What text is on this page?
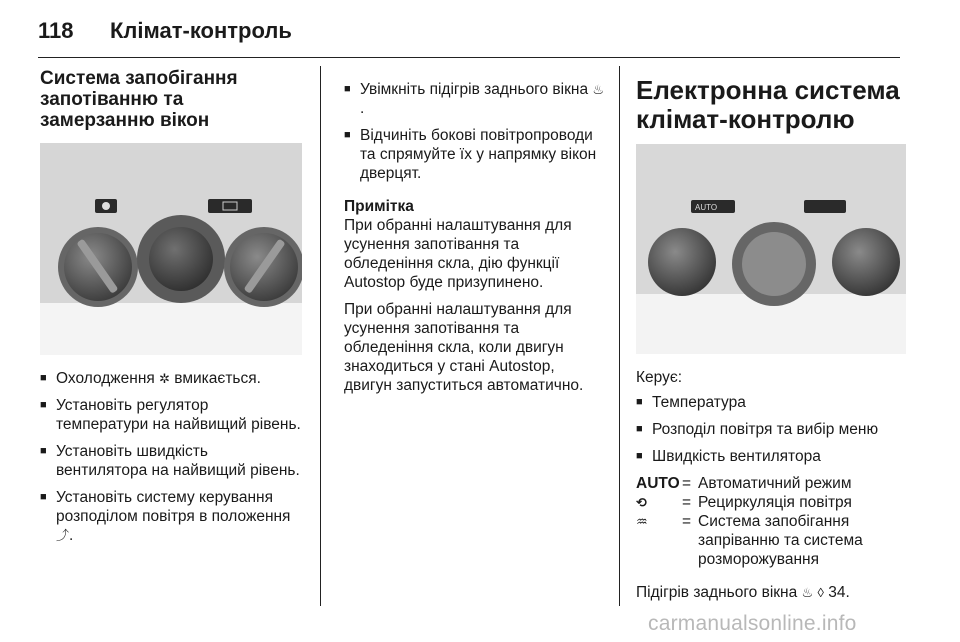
118	Клімат-контроль
Система запобігання запотіванню та замерзанню вікон
■ Охолодження ✲ вмикається.
■ Установіть регулятор температури на найвищий рівень.
■ Установіть швидкість вентилятора на найвищий рівень.
■ Установіть систему керування розподілом повітря в положення ⤴.
■ Увімкніть підігрів заднього вікна ♨.
■ Відчиніть бокові повітропроводи та спрямуйте їх у напрямку вікон дверцят.
Примітка

При обранні налаштування для усунення запотівання та обледеніння скла, дію функції Autostop буде призупинено.

При обранні налаштування для усунення запотівання та обледеніння скла, коли двигун знаходиться у стані Autostop, двигун запуститься автоматично.

Електронна система клімат-контролю
AUTO
Керує:
■ Температура
■ Розподіл повітря та вибір меню
■ Швидкість вентилятора
AUTO = Автоматичний режим
⟲	= Рециркуляція повітря
♒	= Система запобігання запріванню та система розморожування

Підігрів заднього вікна ♨ ◊ 34.

carmanualsonline.info
